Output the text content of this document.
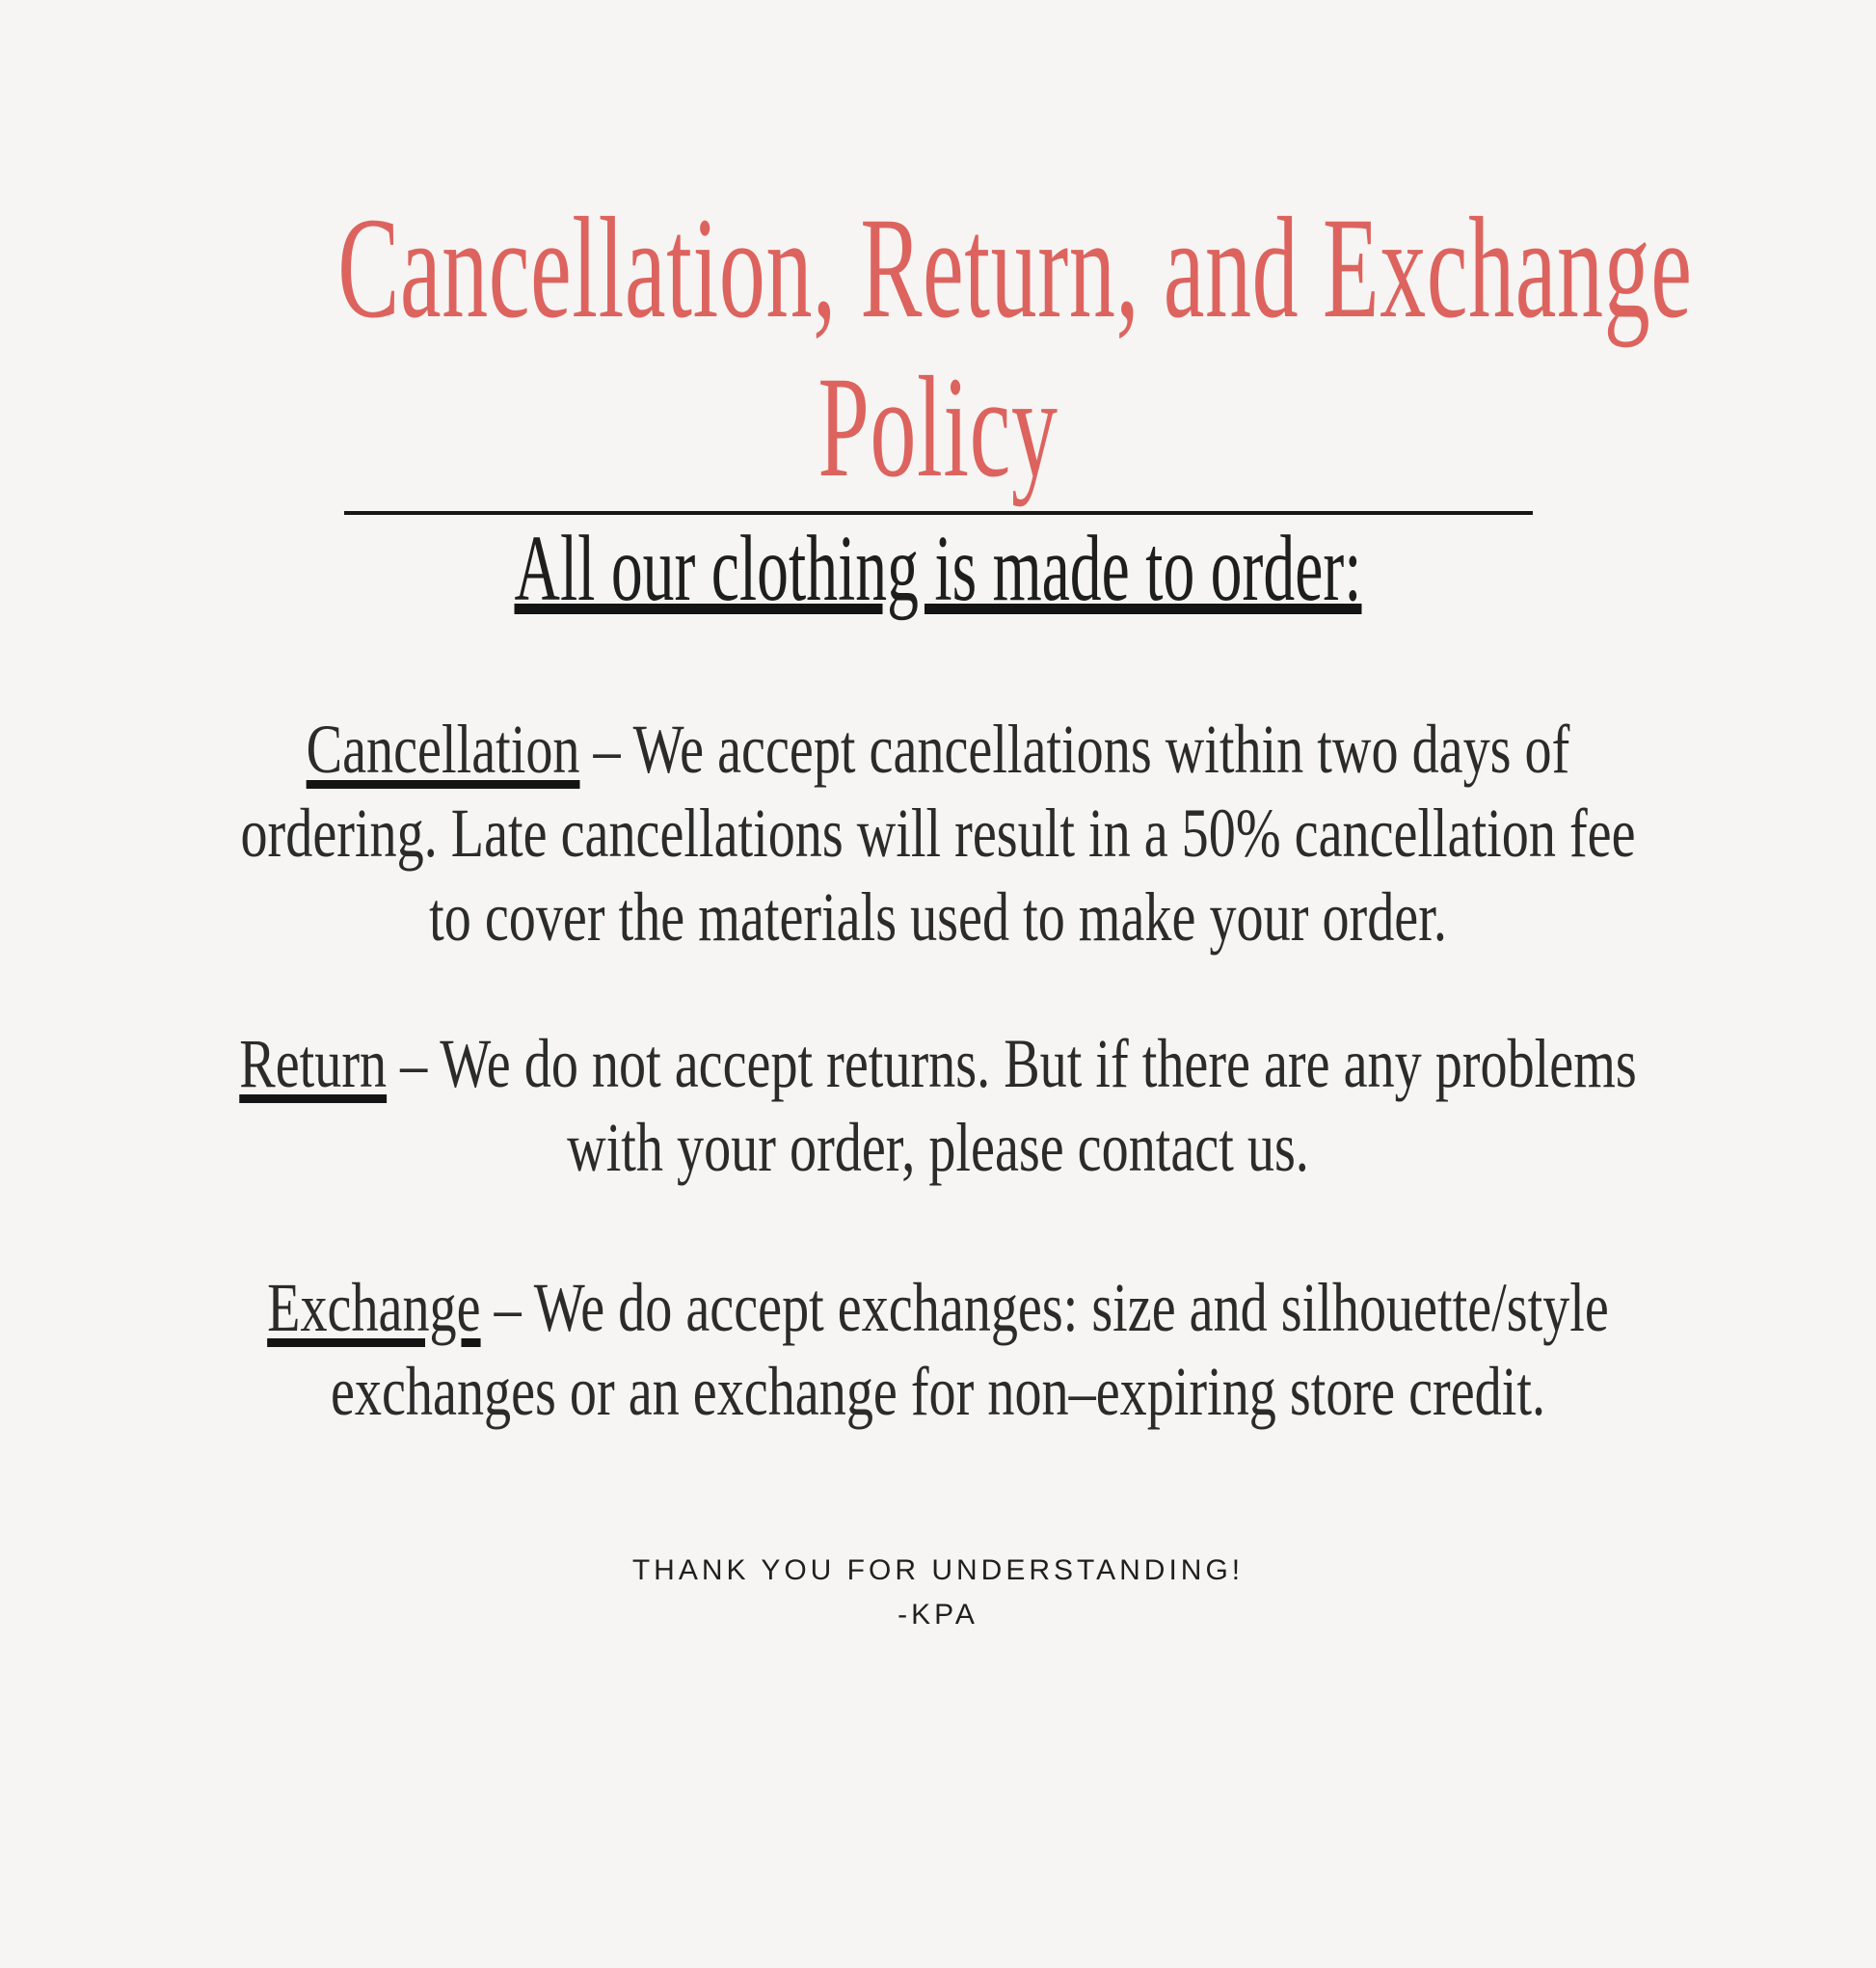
Cancellation, Return, and Exchange
Policy
All our clothing is made to order:

Cancellation – We accept cancellations within two days of
ordering. Late cancellations will result in a 50% cancellation fee
to cover the materials used to make your order.

Return – We do not accept returns. But if there are any problems
with your order, please contact us.

Exchange – We do accept exchanges: size and silhouette/style
exchanges or an exchange for non–expiring store credit.

THANK YOU FOR UNDERSTANDING!
-KPA
